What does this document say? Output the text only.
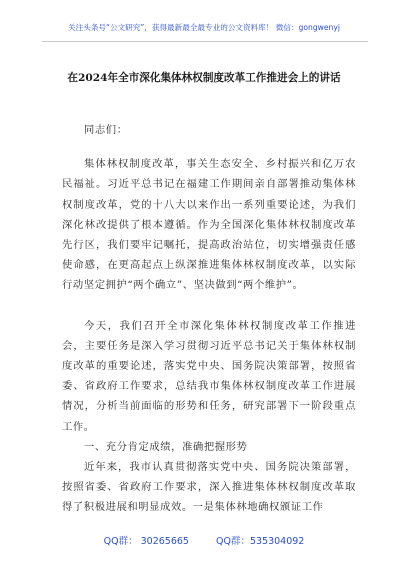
关注头条号“公文研究”，获得最新最全最专业的公文资料库！ 微信：gongwenyj
在2024年全市深化集体林权制度改革工作推进会上的讲话

同志们：

集体林权制度改革，事关生态安全、乡村振兴和亿万农民福祉。习近平总书记在福建工作期间亲自部署推动集体林权制度改革，党的十八大以来作出一系列重要论述，为我们深化林改提供了根本遵循。作为全国深化集体林权制度改革先行区，我们要牢记嘱托，提高政治站位，切实增强责任感使命感，在更高起点上纵深推进集体林权制度改革，以实际行动坚定拥护“两个确立”、坚决做到“两个维护”。

今天，我们召开全市深化集体林权制度改革工作推进会，主要任务是深入学习贯彻习近平总书记关于集体林权制度改革的重要论述，落实党中央、国务院决策部署，按照省委、省政府工作要求，总结我市集体林权制度改革工作进展情况，分析当前面临的形势和任务，研究部署下一阶段重点工作。

一、充分肯定成绩，准确把握形势

近年来，我市认真贯彻落实党中央、国务院决策部署，按照省委、省政府工作要求，深入推进集体林权制度改革取得了积极进展和明显成效。一是集体林地确权颁证工作

QQ群： 30265665	QQ群：535304092
